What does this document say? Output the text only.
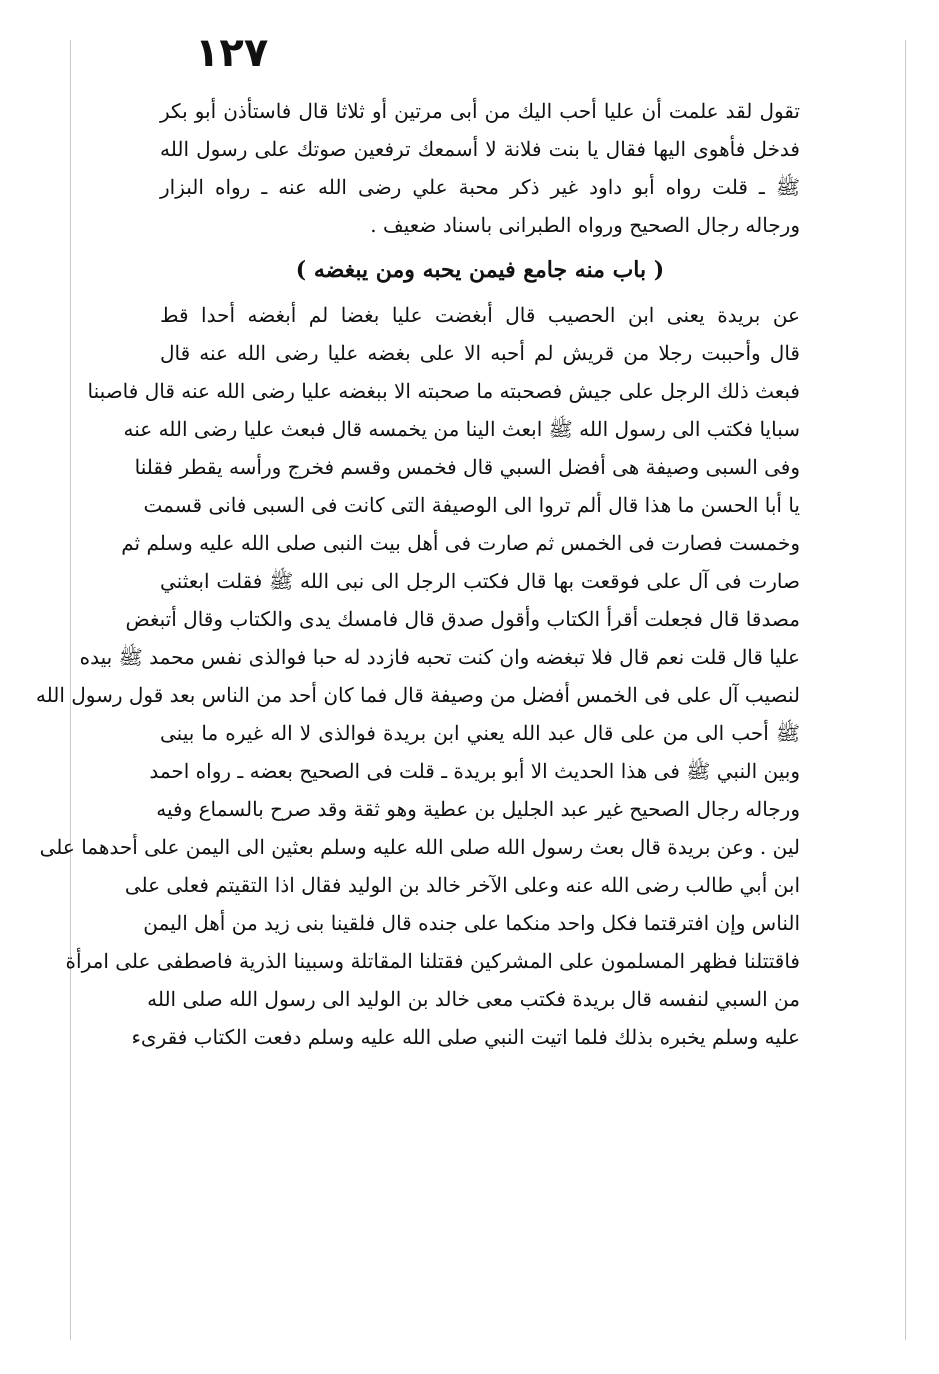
١٢٧
تقول لقد علمت أن عليا أحب اليك من أبى مرتين أو ثلاثا قال فاستأذن أبو بكر
فدخل فأهوى اليها فقال يا بنت فلانة لا أسمعك ترفعين صوتك على رسول الله
ﷺ ـ قلت رواه أبو داود غير ذكر محبة علي رضى الله عنه ـ رواه البزار
ورجاله رجال الصحيح ورواه الطبرانى باسناد ضعيف .
( باب منه جامع فيمن يحبه ومن يبغضه )
عن بريدة يعنى ابن الحصيب قال أبغضت عليا بغضا لم أبغضه أحدا قط
قال وأحببت رجلا من قريش لم أحبه الا على بغضه عليا رضى الله عنه قال
فبعث ذلك الرجل على جيش فصحبته ما صحبته الا ببغضه عليا رضى الله عنه قال فاصبنا
سبايا فكتب الى رسول الله ﷺ ابعث الينا من يخمسه قال فبعث عليا رضى الله عنه
وفى السبى وصيفة هى أفضل السبي قال فخمس وقسم فخرج ورأسه يقطر فقلنا
يا أبا الحسن ما هذا قال ألم تروا الى الوصيفة التى كانت فى السبى فانى قسمت
وخمست فصارت فى الخمس ثم صارت فى أهل بيت النبى صلى الله عليه وسلم ثم
صارت فى آل على فوقعت بها قال فكتب الرجل الى نبى الله ﷺ فقلت ابعثني
مصدقا قال فجعلت أقرأ الكتاب وأقول صدق قال فامسك يدى والكتاب وقال أتبغض
عليا قال قلت نعم قال فلا تبغضه وان كنت تحبه فازدد له حبا فوالذى نفس محمد ﷺ بيده
لنصيب آل على فى الخمس أفضل من وصيفة قال فما كان أحد من الناس بعد قول رسول الله
ﷺ أحب الى من على قال عبد الله يعني ابن بريدة فوالذى لا اله غيره ما بينى
وبين النبي ﷺ فى هذا الحديث الا أبو بريدة ـ قلت فى الصحيح بعضه ـ رواه احمد
ورجاله رجال الصحيح غير عبد الجليل بن عطية وهو ثقة وقد صرح بالسماع وفيه
لين . وعن بريدة قال بعث رسول الله صلى الله عليه وسلم بعثين الى اليمن على أحدهما على
ابن أبي طالب رضى الله عنه وعلى الآخر خالد بن الوليد فقال اذا التقيتم فعلى على
الناس وإن افترقتما فكل واحد منكما على جنده قال فلقينا بنى زيد من أهل اليمن
فاقتتلنا فظهر المسلمون على المشركين فقتلنا المقاتلة وسبينا الذرية فاصطفى على امرأة
من السبي لنفسه قال بريدة فكتب معى خالد بن الوليد الى رسول الله صلى الله
عليه وسلم يخبره بذلك فلما اتيت النبي صلى الله عليه وسلم دفعت الكتاب فقرىء
